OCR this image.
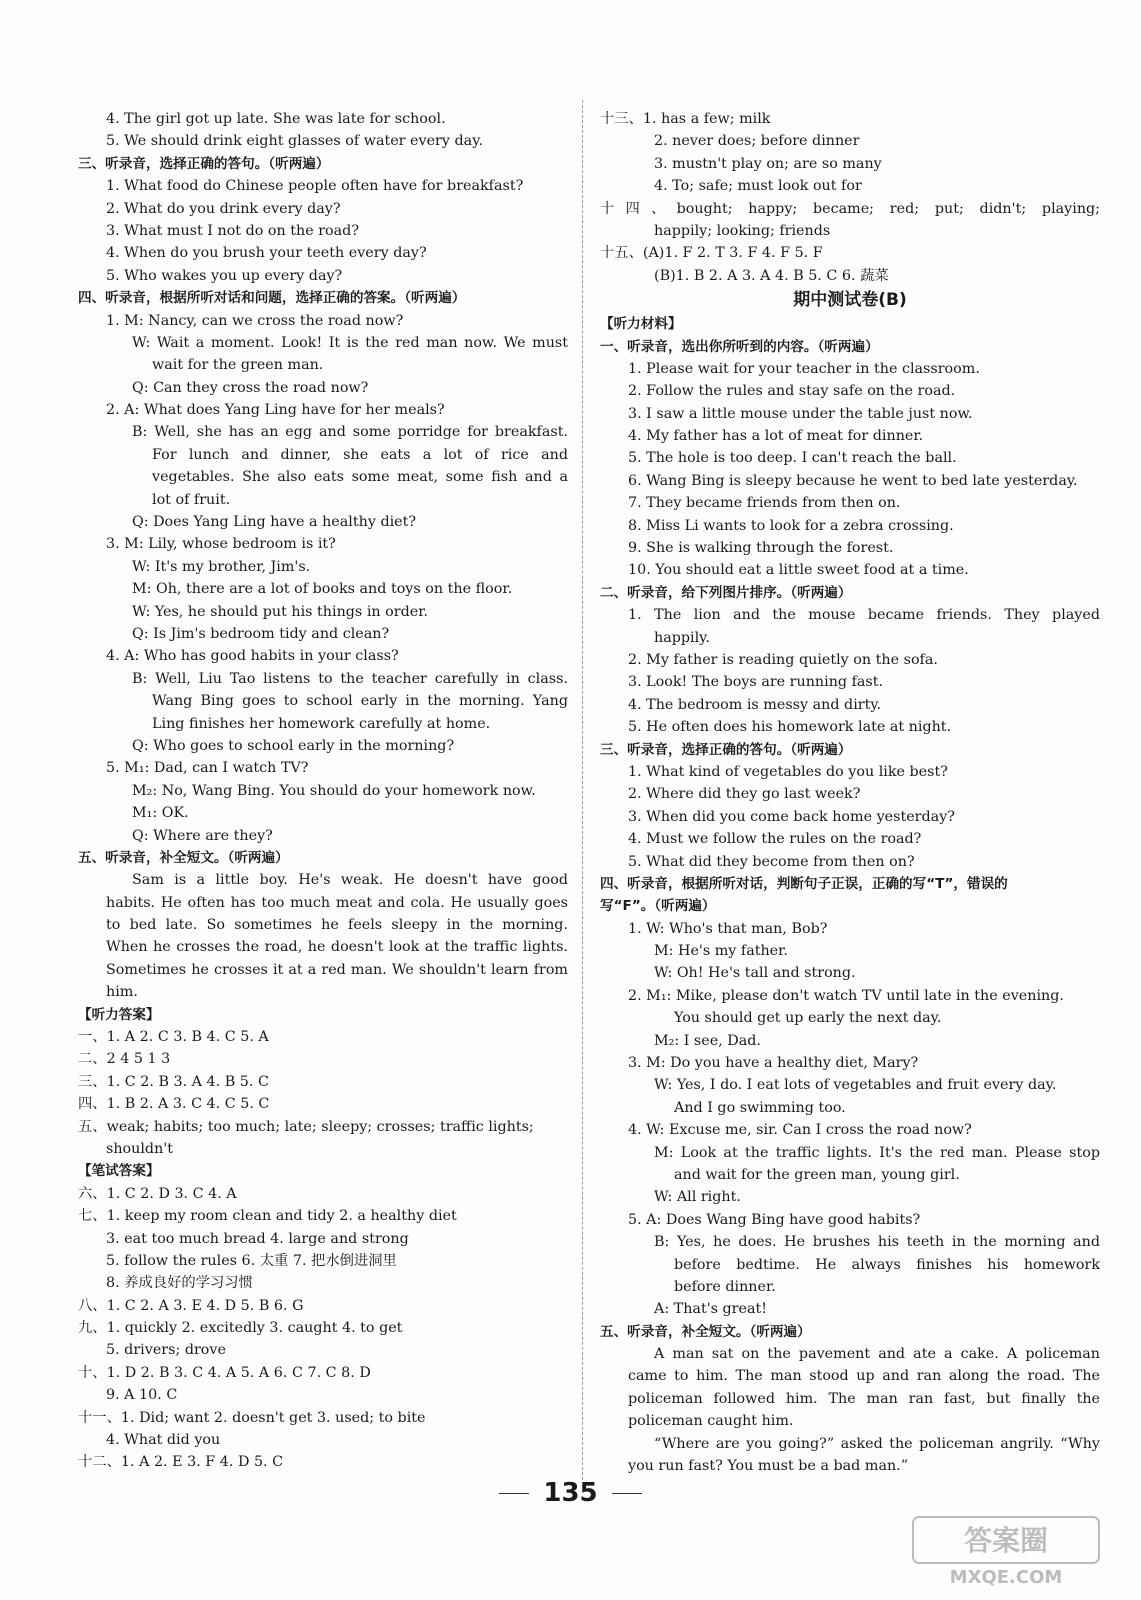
4. The girl got up late. She was late for school.
5. We should drink eight glasses of water every day.
三、听录音，选择正确的答句。（听两遍）
1. What food do Chinese people often have for breakfast?
2. What do you drink every day?
3. What must I not do on the road?
4. When do you brush your teeth every day?
5. Who wakes you up every day?
四、听录音，根据所听对话和问题，选择正确的答案。（听两遍）
1. M: Nancy, can we cross the road now?
W: Wait a moment. Look! It is the red man now. We must
wait for the green man.
Q: Can they cross the road now?
2. A: What does Yang Ling have for her meals?
B: Well, she has an egg and some porridge for breakfast.
For lunch and dinner, she eats a lot of rice and
vegetables. She also eats some meat, some fish and a
lot of fruit.
Q: Does Yang Ling have a healthy diet?
3. M: Lily, whose bedroom is it?
W: It's my brother, Jim's.
M: Oh, there are a lot of books and toys on the floor.
W: Yes, he should put his things in order.
Q: Is Jim's bedroom tidy and clean?
4. A: Who has good habits in your class?
B: Well, Liu Tao listens to the teacher carefully in class.
Wang Bing goes to school early in the morning. Yang
Ling finishes her homework carefully at home.
Q: Who goes to school early in the morning?
5. M₁: Dad, can I watch TV?
M₂: No, Wang Bing. You should do your homework now.
M₁: OK.
Q: Where are they?
五、听录音，补全短文。（听两遍）
Sam is a little boy. He's weak. He doesn't have good
habits. He often has too much meat and cola. He usually goes
to bed late. So sometimes he feels sleepy in the morning.
When he crosses the road, he doesn't look at the traffic lights.
Sometimes he crosses it at a red man. We shouldn't learn from
him.
【听力答案】
一、1. A 2. C 3. B 4. C 5. A
二、2 4 5 1 3
三、1. C 2. B 3. A 4. B 5. C
四、1. B 2. A 3. C 4. C 5. C
五、weak; habits; too much; late; sleepy; crosses; traffic lights;
shouldn't
【笔试答案】
六、1. C 2. D 3. C 4. A
七、1. keep my room clean and tidy 2. a healthy diet
3. eat too much bread 4. large and strong
5. follow the rules 6. 太重 7. 把水倒进洞里
8. 养成良好的学习习惯
八、1. C 2. A 3. E 4. D 5. B 6. G
九、1. quickly 2. excitedly 3. caught 4. to get
5. drivers; drove
十、1. D 2. B 3. C 4. A 5. A 6. C 7. C 8. D
9. A 10. C
十一、1. Did; want 2. doesn't get 3. used; to bite
4. What did you
十二、1. A 2. E 3. F 4. D 5. C
十三、1. has a few; milk
2. never does; before dinner
3. mustn't play on; are so many
4. To; safe; must look out for
十四、bought; happy; became; red; put; didn't; playing;
happily; looking; friends
十五、(A)1. F 2. T 3. F 4. F 5. F
(B)1. B 2. A 3. A 4. B 5. C 6. 蔬菜
期中测试卷(B)
【听力材料】
一、听录音，选出你所听到的内容。（听两遍）
1. Please wait for your teacher in the classroom.
2. Follow the rules and stay safe on the road.
3. I saw a little mouse under the table just now.
4. My father has a lot of meat for dinner.
5. The hole is too deep. I can't reach the ball.
6. Wang Bing is sleepy because he went to bed late yesterday.
7. They became friends from then on.
8. Miss Li wants to look for a zebra crossing.
9. She is walking through the forest.
10. You should eat a little sweet food at a time.
二、听录音，给下列图片排序。（听两遍）
1. The lion and the mouse became friends. They played
happily.
2. My father is reading quietly on the sofa.
3. Look! The boys are running fast.
4. The bedroom is messy and dirty.
5. He often does his homework late at night.
三、听录音，选择正确的答句。（听两遍）
1. What kind of vegetables do you like best?
2. Where did they go last week?
3. When did you come back home yesterday?
4. Must we follow the rules on the road?
5. What did they become from then on?
四、听录音，根据所听对话，判断句子正误，正确的写“T”，错误的
写“F”。（听两遍）
1. W: Who's that man, Bob?
M: He's my father.
W: Oh! He's tall and strong.
2. M₁: Mike, please don't watch TV until late in the evening.
You should get up early the next day.
M₂: I see, Dad.
3. M: Do you have a healthy diet, Mary?
W: Yes, I do. I eat lots of vegetables and fruit every day.
And I go swimming too.
4. W: Excuse me, sir. Can I cross the road now?
M: Look at the traffic lights. It's the red man. Please stop
and wait for the green man, young girl.
W: All right.
5. A: Does Wang Bing have good habits?
B: Yes, he does. He brushes his teeth in the morning and
before bedtime. He always finishes his homework
before dinner.
A: That's great!
五、听录音，补全短文。（听两遍）
A man sat on the pavement and ate a cake. A policeman
came to him. The man stood up and ran along the road. The
policeman followed him. The man ran fast, but finally the
policeman caught him.
“Where are you going?” asked the policeman angrily. “Why
you run fast? You must be a bad man.”
135
答案圈
MXQE.COM
